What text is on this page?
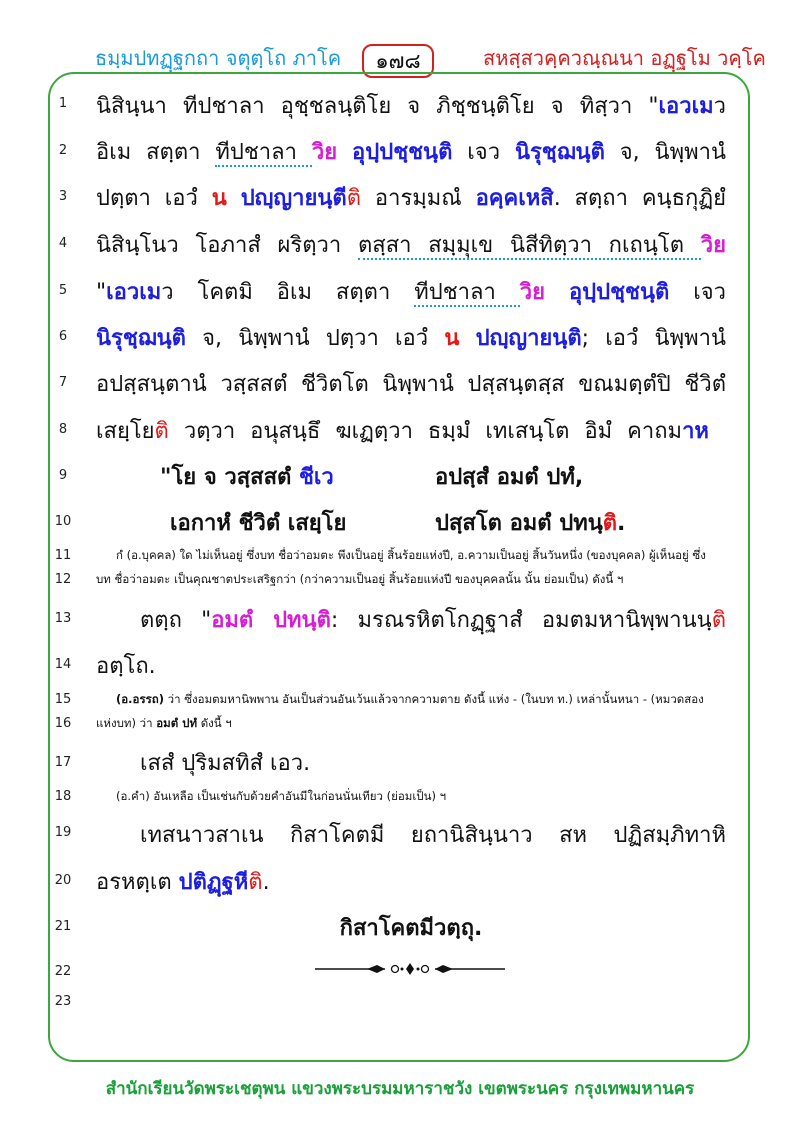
ธมฺมปทฏฺฐกถา จตุตฺโถ ภาโค	๑๗๘	สหสฺสวคฺควณฺณนา อฏฺฐโม วคฺโค
1
2
3
4
5
6
7
8
9
10
11
12
13
14
15
16
17
18
19
20
21
22
23
นิสินฺนา ทีปชาลา อุชฺชลนฺติโย จ ภิชฺชนฺติโย จ ทิสฺวา "เอวเมว
อิเม สตฺตา ทีปชาลา วิย อุปฺปชฺชนฺติ เจว นิรุชฺฌนฺติ จ, นิพฺพานํ
ปตฺตา เอวํ น ปญฺญายนฺตีติ อารมฺมณํ อคฺคเหสิ. สตฺถา คนฺธกุฏิยํ
นิสินฺโนว โอภาสํ ผริตฺวา ตสฺสา สมฺมุเข นิสีทิตฺวา กเถนฺโต วิย
"เอวเมว โคตมิ อิเม สตฺตา ทีปชาลา วิย อุปฺปชฺชนฺติ เจว
นิรุชฺฌนฺติ จ, นิพฺพานํ ปตฺวา เอวํ น ปญฺญายนฺติ; เอวํ นิพฺพานํ
อปสฺสนฺตานํ วสฺสสตํ ชีวิตโต นิพฺพานํ ปสฺสนฺตสฺส ขณมตฺตํปิ ชีวิตํ
เสยฺโยติ วตฺวา อนุสนฺธึ ฆเฏตฺวา ธมฺมํ เทเสนฺโต อิมํ คาถมาห
"โย จ วสฺสสตํ ชีเว	อปสฺสํ อมตํ ปทํ,
เอกาหํ ชีวิตํ เสยฺโย	ปสฺสโต อมตํ ปทนฺติ.
กํ (อ.บุคคล) ใด ไม่เห็นอยู่ ซึ่งบท ชื่อว่าอมตะ พึงเป็นอยู่ สิ้นร้อยแห่งปี, อ.ความเป็นอยู่ สิ้นวันหนึ่ง (ของบุคคล) ผู้เห็นอยู่ ซึ่ง
บท ชื่อว่าอมตะ เป็นคุณชาตประเสริฐกว่า (กว่าความเป็นอยู่ สิ้นร้อยแห่งปี ของบุคคลนั้น นั้น ย่อมเป็น) ดังนี้ ฯ
ตตฺถ "อมตํ ปทนฺติ: มรณรหิตโกฏฺฐาสํ อมตมหานิพฺพานนฺติ
อตฺโถ.
(อ.อรรถ) ว่า ซึ่งอมตมหานิพพาน อันเป็นส่วนอันเว้นแล้วจากความตาย ดังนี้ แห่ง - (ในบท ท.) เหล่านั้นหนา - (หมวดสอง
แห่งบท) ว่า อมตํ ปทํ ดังนี้ ฯ
เสสํ ปุริมสทิสํ เอว.
(อ.คำ) อันเหลือ เป็นเช่นกับด้วยคำอันมีในก่อนนั่นเทียว (ย่อมเป็น) ฯ
เทสนาวสาเน กิสาโคตมี ยถานิสินฺนาว สห ปฏิสมฺภิทาหิ
อรหตฺเต ปติฏฺฐหีติ.
กิสาโคตมีวตฺถุ.
สำนักเรียนวัดพระเชตุพน แขวงพระบรมมหาราชวัง เขตพระนคร กรุงเทพมหานคร
